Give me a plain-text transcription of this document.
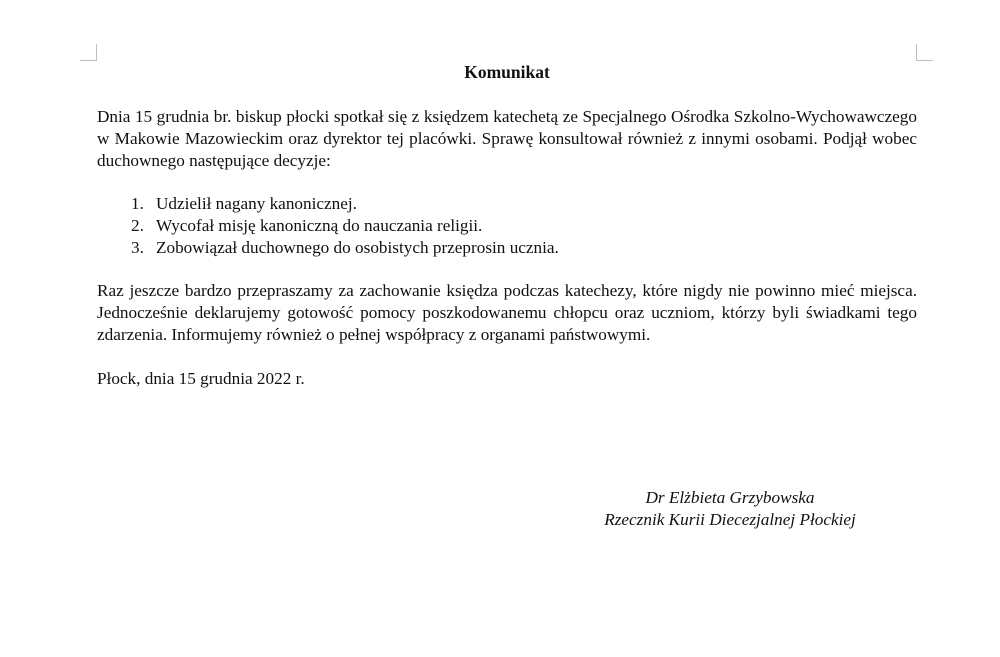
Komunikat

Dnia 15 grudnia br. biskup płocki spotkał się z księdzem katechetą ze Specjalnego Ośrodka Szkolno-Wychowawczego w Makowie Mazowieckim oraz dyrektor tej placówki. Sprawę konsultował również z innymi osobami. Podjął wobec duchownego następujące decyzje:

1. Udzielił nagany kanonicznej.
2. Wycofał misję kanoniczną do nauczania religii.
3. Zobowiązał duchownego do osobistych przeprosin ucznia.

Raz jeszcze bardzo przepraszamy za zachowanie księdza podczas katechezy, które nigdy nie powinno mieć miejsca. Jednocześnie deklarujemy gotowość pomocy poszkodowanemu chłopcu oraz uczniom, którzy byli świadkami tego zdarzenia. Informujemy również o pełnej współpracy z organami państwowymi.

Płock, dnia 15 grudnia 2022 r.

Dr Elżbieta Grzybowska
Rzecznik Kurii Diecezjalnej Płockiej
